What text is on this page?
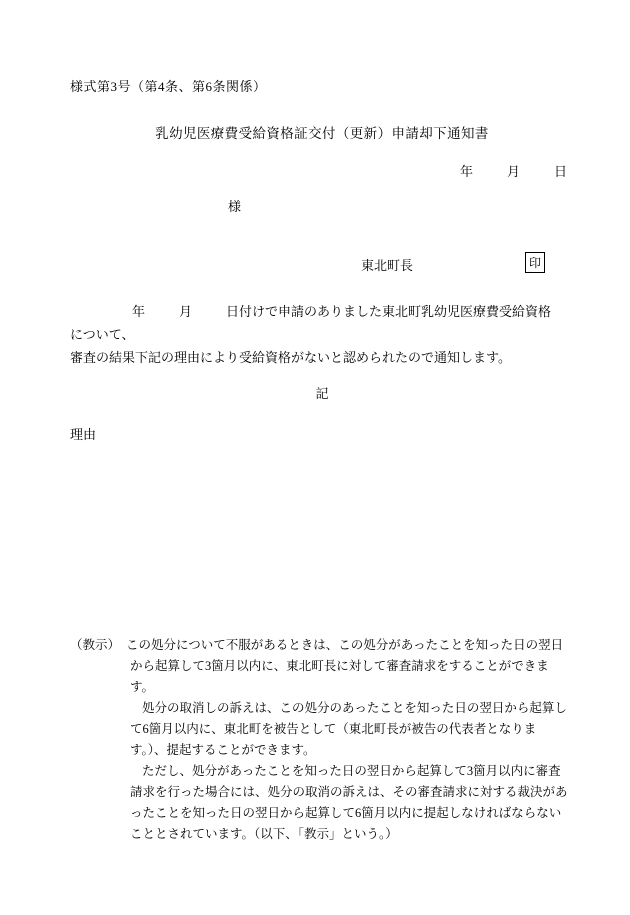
様式第3号（第4条、第6条関係）
乳幼児医療費受給資格証交付（更新）申請却下通知書
年	月	日
様
東北町長	印
年	月	日付けで申請のありました東北町乳幼児医療費受給資格について、
審査の結果下記の理由により受給資格がないと認められたので通知します。
記
理由
（教示） この処分について不服があるときは、この処分があったことを知った日の翌日から起算して3箇月以内に、東北町長に対して審査請求をすることができます。

処分の取消しの訴えは、この処分のあったことを知った日の翌日から起算して6箇月以内に、東北町を被告として（東北町長が被告の代表者となります。）、提起することができます。

ただし、処分があったことを知った日の翌日から起算して3箇月以内に審査請求を行った場合には、処分の取消の訴えは、その審査請求に対する裁決があったことを知った日の翌日から起算して6箇月以内に提起しなければならないこととされています。（以下、「教示」という。）
